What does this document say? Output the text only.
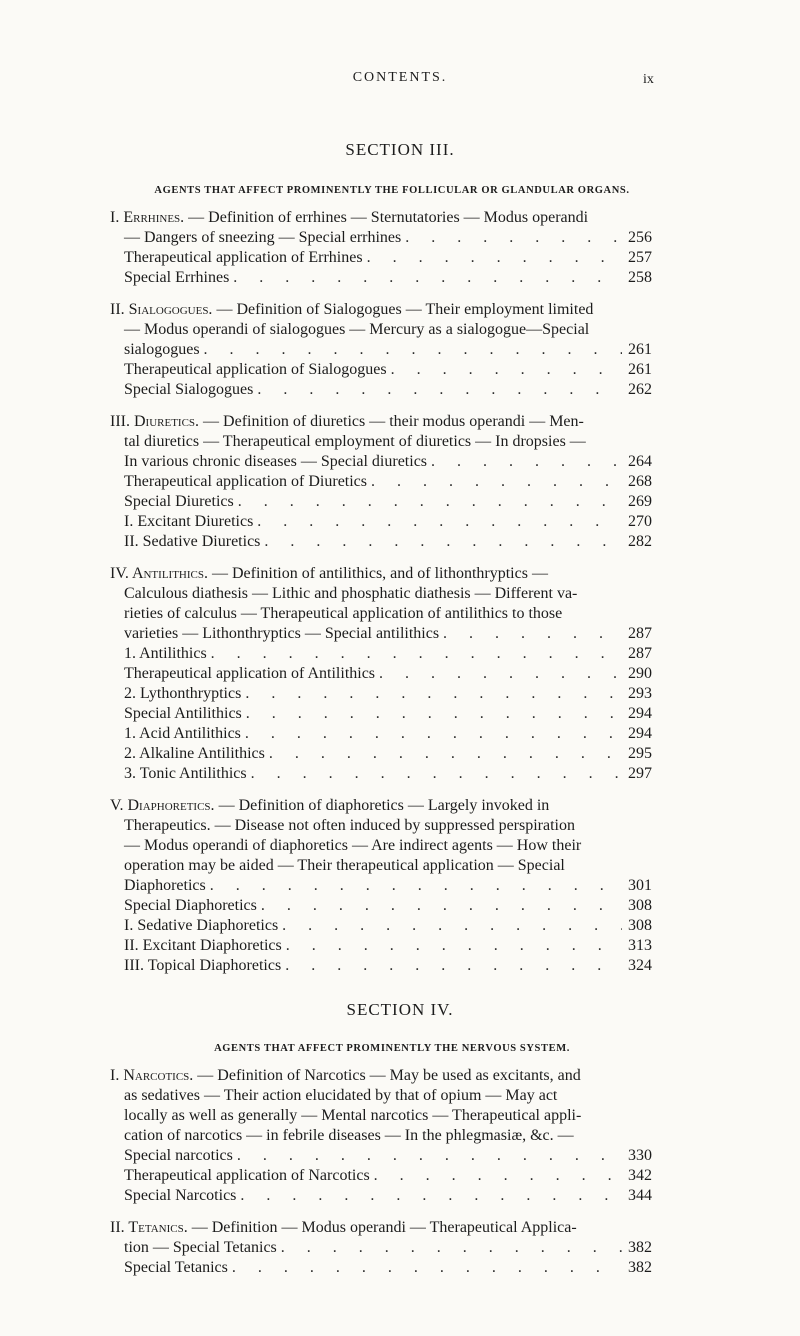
CONTENTS.	ix
SECTION III.
AGENTS THAT AFFECT PROMINENTLY THE FOLLICULAR OR GLANDULAR ORGANS.
I. Errhines. — Definition of errhines — Sternutatories — Modus operandi
— Dangers of sneezing — Special errhines . . .	256
Therapeutical application of Errhines . . .	257
Special Errhines . . .	258
II. Sialogogues. — Definition of Sialogogues — Their employment limited
— Modus operandi of sialogogues — Mercury as a sialogogue—Special
sialogogues . . .	261
Therapeutical application of Sialogogues . . .	261
Special Sialogogues . . .	262
III. Diuretics. — Definition of diuretics — their modus operandi — Men-
tal diuretics — Therapeutical employment of diuretics — In dropsies —
In various chronic diseases — Special diuretics . . .	264
Therapeutical application of Diuretics . . .	268
Special Diuretics . . .	269
I. Excitant Diuretics . . .	270
II. Sedative Diuretics . . .	282
IV. Antilithics. — Definition of antilithics, and of lithonthryptics —
Calculous diathesis — Lithic and phosphatic diathesis — Different va-
rieties of calculus — Therapeutical application of antilithics to those
varieties — Lithonthryptics — Special antilithics . . .	287
1. Antilithics . . .	287
Therapeutical application of Antilithics . . .	290
2. Lythonthryptics . . .	293
Special Antilithics . . .	294
1. Acid Antilithics . . .	294
2. Alkaline Antilithics . . .	295
3. Tonic Antilithics . . .	297
V. Diaphoretics. — Definition of diaphoretics — Largely invoked in
Therapeutics. — Disease not often induced by suppressed perspiration
— Modus operandi of diaphoretics — Are indirect agents — How their
operation may be aided — Their therapeutical application — Special
Diaphoretics . . .	301
Special Diaphoretics . . .	308
I. Sedative Diaphoretics . . .	308
II. Excitant Diaphoretics . . .	313
III. Topical Diaphoretics . . .	324
SECTION IV.
AGENTS THAT AFFECT PROMINENTLY THE NERVOUS SYSTEM.
I. Narcotics. — Definition of Narcotics — May be used as excitants, and
as sedatives — Their action elucidated by that of opium — May act
locally as well as generally — Mental narcotics — Therapeutical appli-
cation of narcotics — in febrile diseases — In the phlegmasiæ, &c. —
Special narcotics . . .	330
Therapeutical application of Narcotics . . .	342
Special Narcotics . . .	344
II. Tetanics. — Definition — Modus operandi — Therapeutical Applica-
tion — Special Tetanics . . .	382
Special Tetanics . . .	382
